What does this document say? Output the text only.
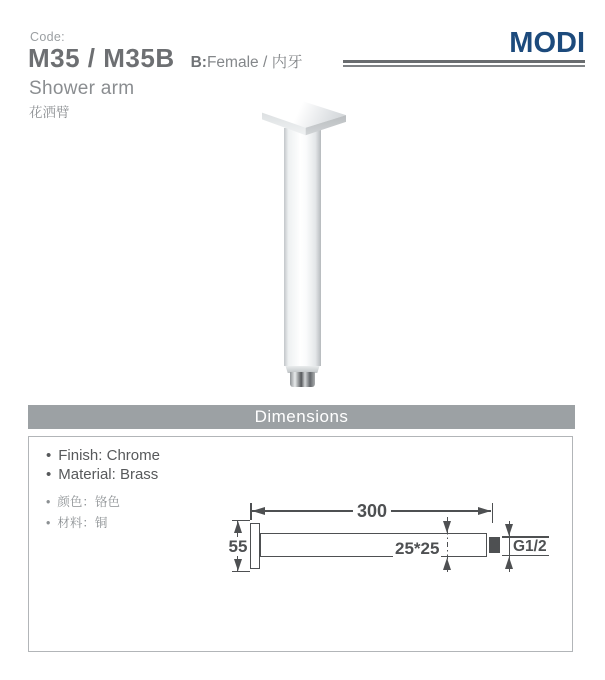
Code:
M35 / M35B B:Female / 内牙
Shower arm
花洒臂
MODI
Dimensions
• Finish: Chrome
• Material: Brass
• 颜色：铬色
• 材料：铜
300
55	25*25	G1/2
